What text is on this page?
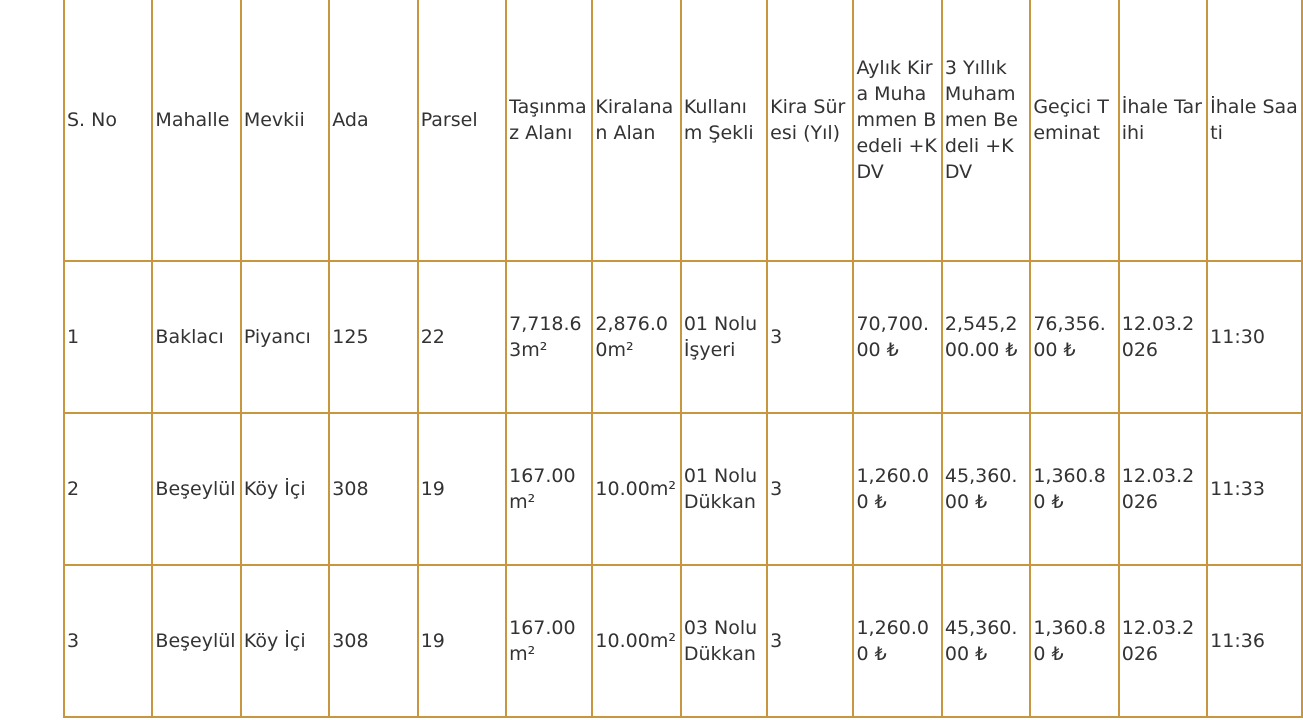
S. No	Mahalle	Mevkii	Ada	Parsel	Taşınmaz Alanı	Kiralanan Alan	Kullanım Şekli	Kira Süresi (Yıl)	Aylık Kira Muhammen Bedeli +KDV	3 Yıllık Muhammen Bedeli +KDV	Geçici Teminat	İhale Tarihi	İhale Saati
1	Baklacı	Piyancı	125	22	7,718.63m²	2,876.00m²	01 Nolu İşyeri	3	70,700.00 ₺	2,545,200.00 ₺	76,356.00 ₺	12.03.2026	11:30
2	Beşeylül	Köy İçi	308	19	167.00m²	10.00m²	01 Nolu Dükkan	3	1,260.00 ₺	45,360.00 ₺	1,360.80 ₺	12.03.2026	11:33
3	Beşeylül	Köy İçi	308	19	167.00m²	10.00m²	03 Nolu Dükkan	3	1,260.00 ₺	45,360.00 ₺	1,360.80 ₺	12.03.2026	11:36
